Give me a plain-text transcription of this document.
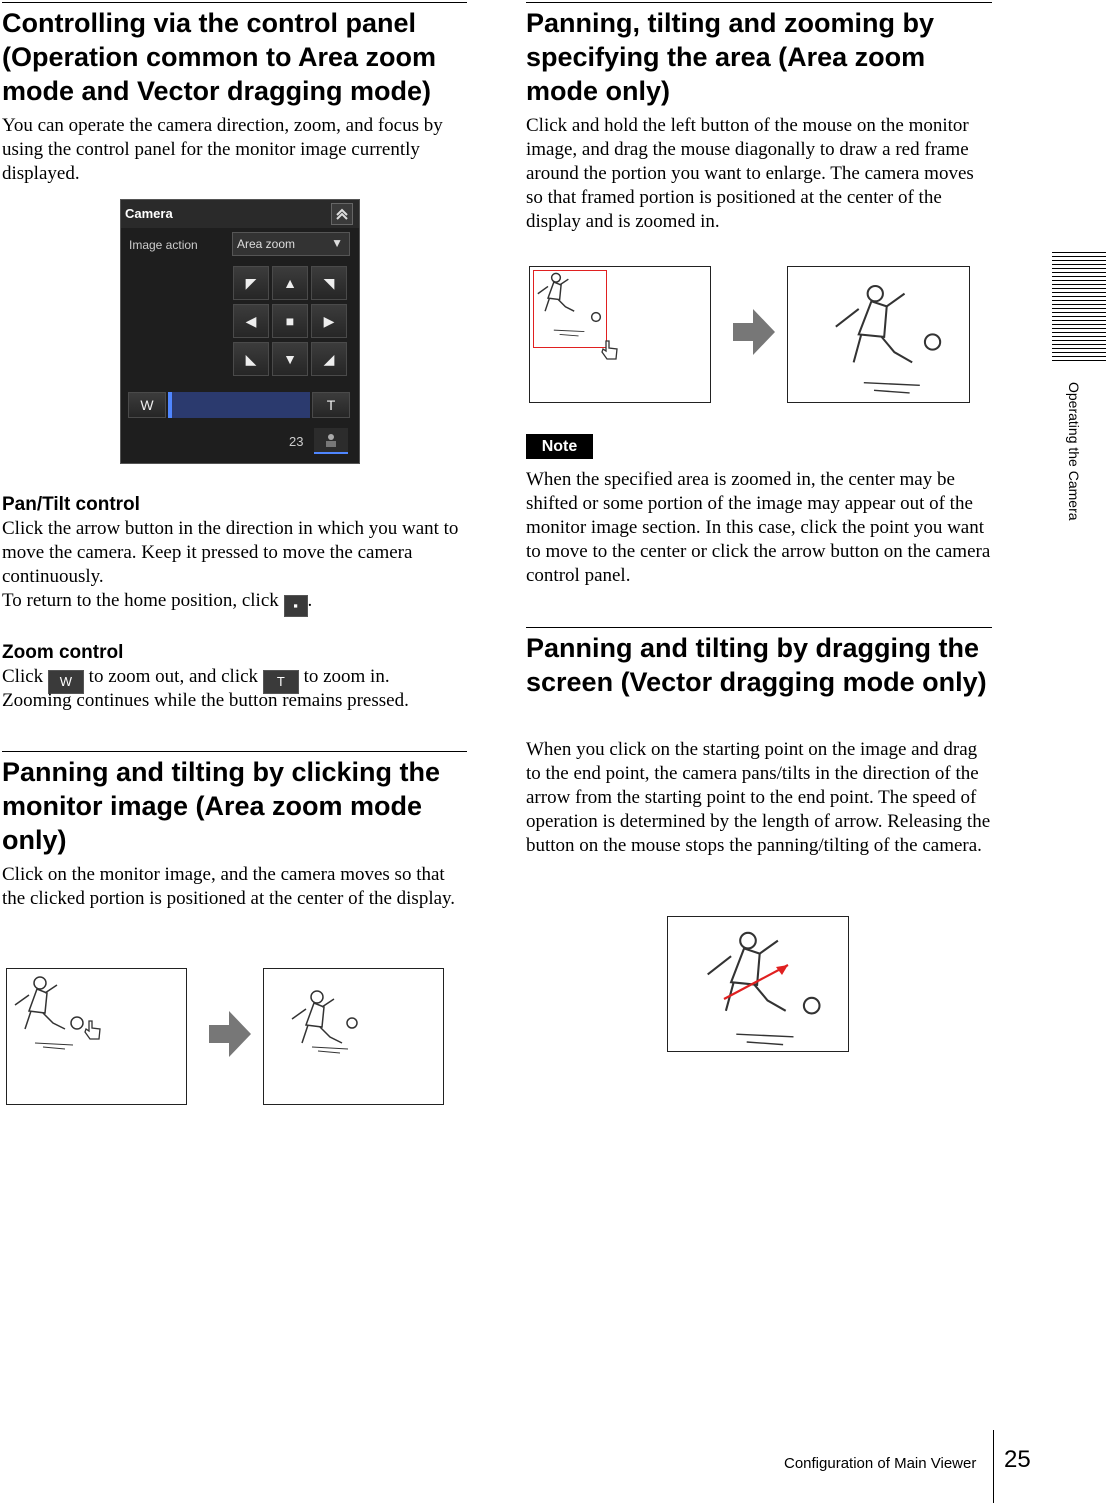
Controlling via the control panel (Operation common to Area zoom mode and Vector dragging mode)

You can operate the camera direction, zoom, and focus by using the control panel for the monitor image currently displayed.

Camera
Image action	Area zoom	▼
◤ ▲ ◥
◀ ■ ▶
◣ ▼ ◢
W	T
23
Pan/Tilt control

Click the arrow button in the direction in which you want to move the camera. Keep it pressed to move the camera continuously.

To return to the home position, click ▪ .

Zoom control

Click W to zoom out, and click T to zoom in.

Zooming continues while the button remains pressed.

Panning and tilting by clicking the monitor image (Area zoom mode only)

Click on the monitor image, and the camera moves so that the clicked portion is positioned at the center of the display.

Panning, tilting and zooming by specifying the area (Area zoom mode only)

Click and hold the left button of the mouse on the monitor image, and drag the mouse diagonally to draw a red frame around the portion you want to enlarge. The camera moves so that framed portion is positioned at the center of the display and is zoomed in.

Note

When the specified area is zoomed in, the center may be shifted or some portion of the image may appear out of the monitor image section. In this case, click the point you want to move to the center or click the arrow button on the camera control panel.

Panning and tilting by dragging the screen (Vector dragging mode only)

When you click on the starting point on the image and drag to the end point, the camera pans/tilts in the direction of the arrow from the starting point to the end point. The speed of operation is determined by the length of arrow. Releasing the button on the mouse stops the panning/tilting of the camera.

Operating the Camera
Configuration of Main Viewer 25
